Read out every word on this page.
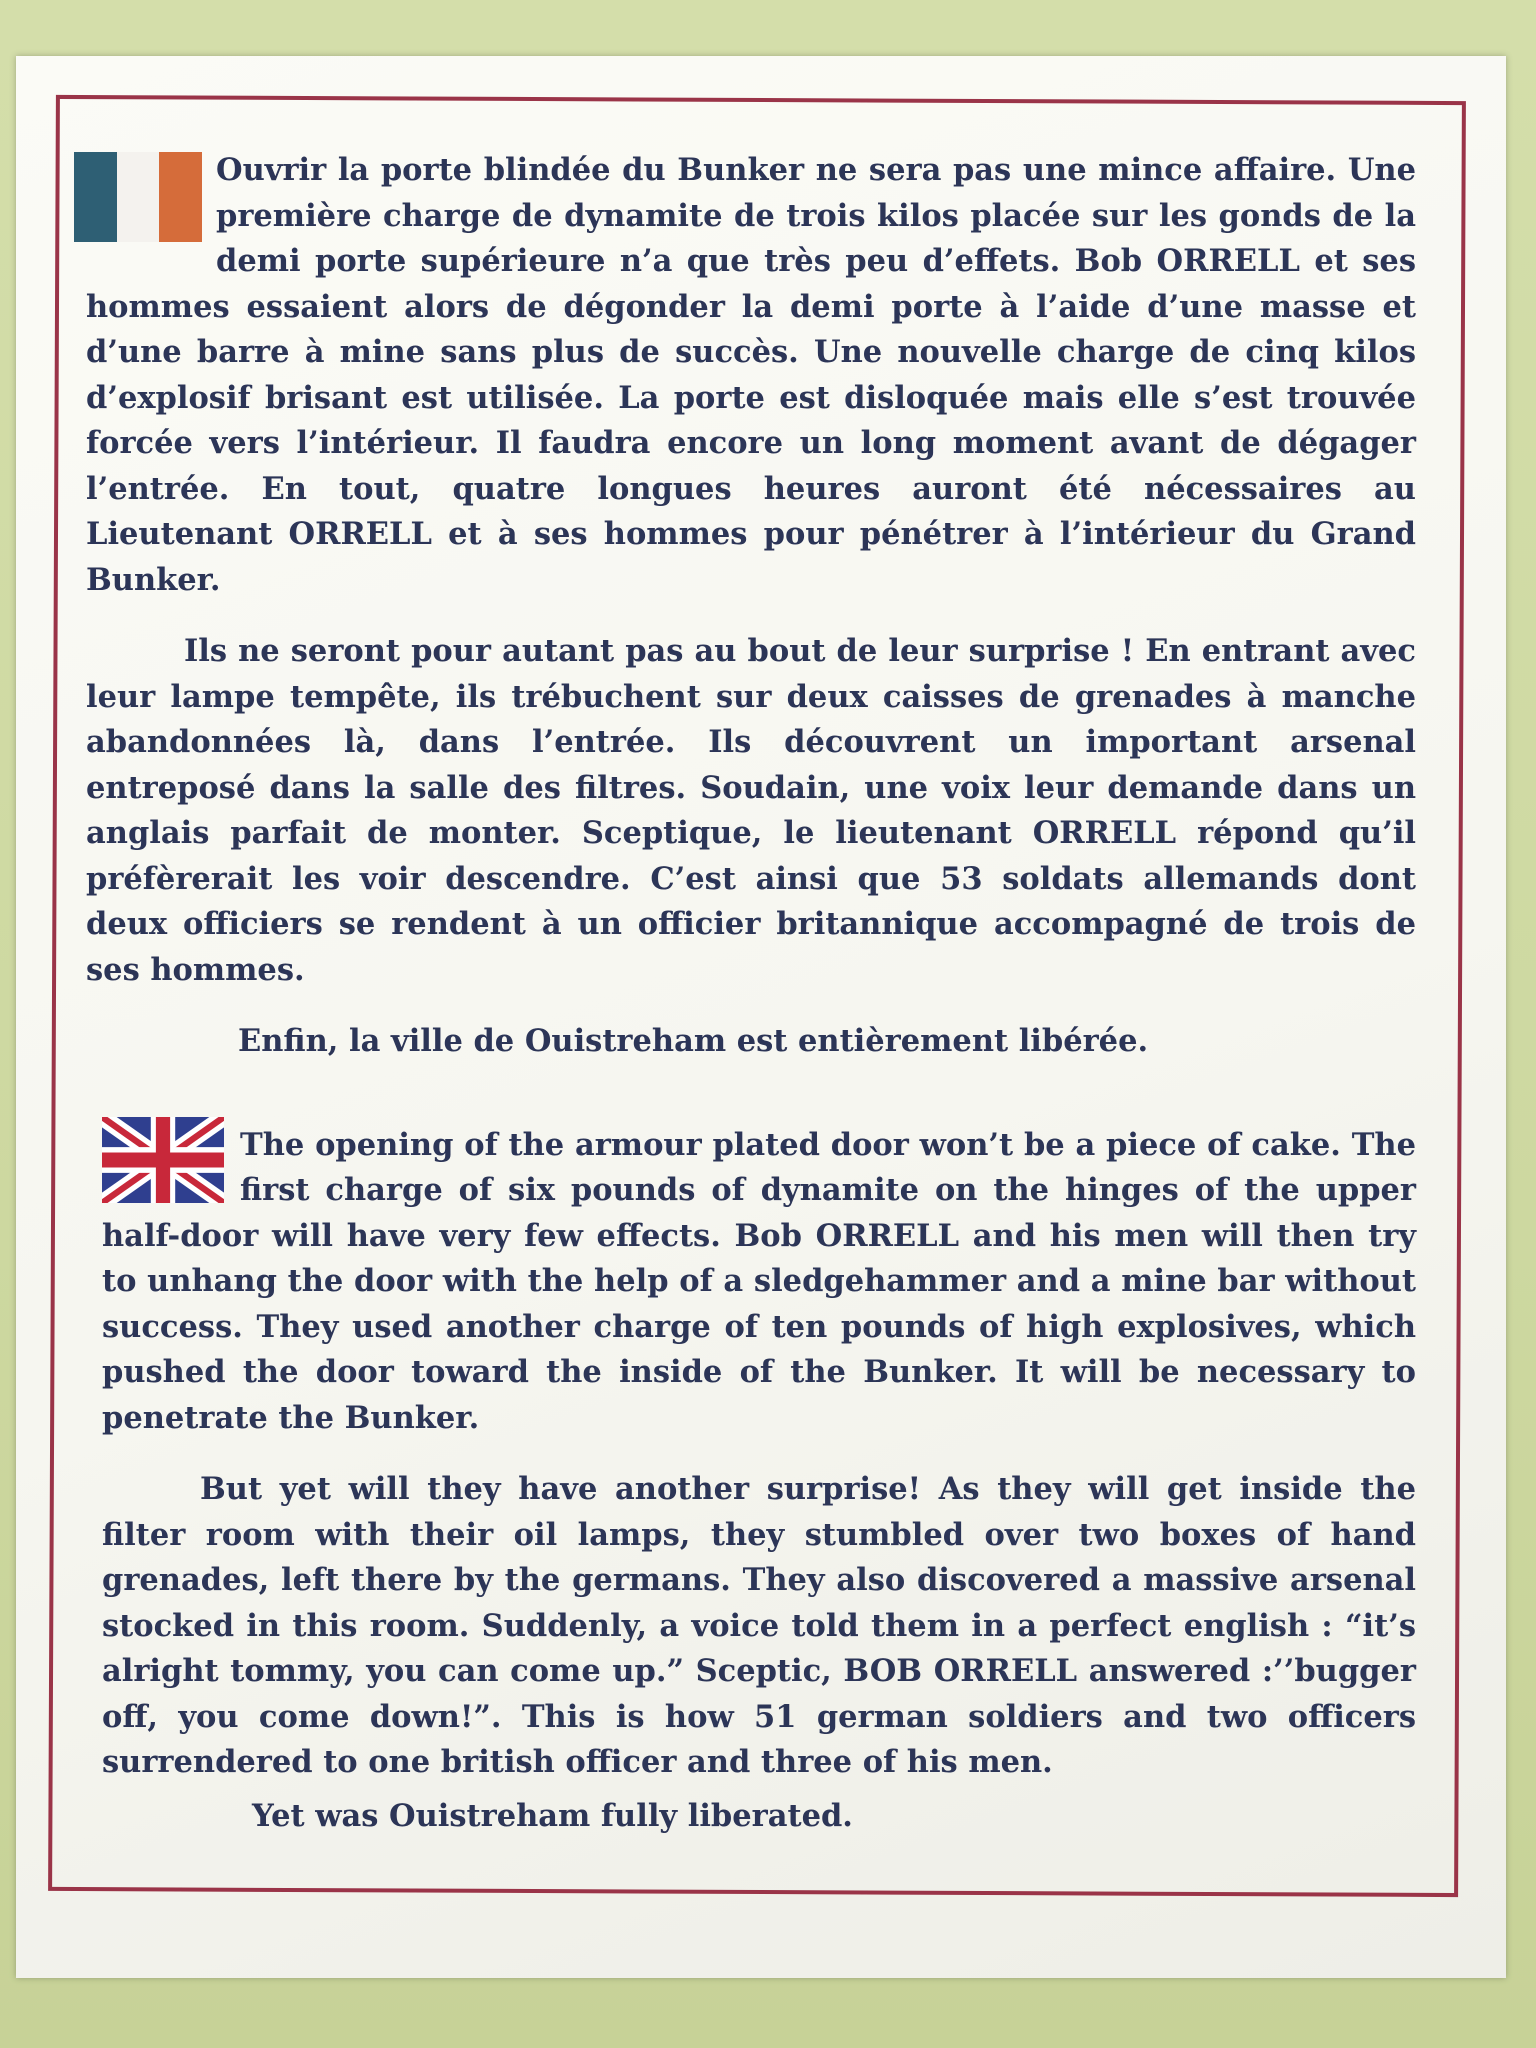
Ouvrir la porte blindée du Bunker ne sera pas une mince affaire. Une première charge de dynamite de trois kilos placée sur les gonds de la demi porte supérieure n’a que très peu d’effets. Bob ORRELL et ses hommes essaient alors de dégonder la demi porte à l’aide d’une masse et d’une barre à mine sans plus de succès. Une nouvelle charge de cinq kilos d’explosif brisant est utilisée. La porte est disloquée mais elle s’est trouvée forcée vers l’intérieur. Il faudra encore un long moment avant de dégager l’entrée. En tout, quatre longues heures auront été nécessaires au Lieutenant ORRELL et à ses hommes pour pénétrer à l’intérieur du Grand Bunker.

Ils ne seront pour autant pas au bout de leur surprise ! En entrant avec leur lampe tempête, ils trébuchent sur deux caisses de grenades à manche abandonnées là, dans l’entrée. Ils découvrent un important arsenal entreposé dans la salle des filtres. Soudain, une voix leur demande dans un anglais parfait de monter. Sceptique, le lieutenant ORRELL répond qu’il préfèrerait les voir descendre. C’est ainsi que 53 soldats allemands dont deux officiers se rendent à un officier britannique accompagné de trois de ses hommes.

Enfin, la ville de Ouistreham est entièrement libérée.

The opening of the armour plated door won’t be a piece of cake. The first charge of six pounds of dynamite on the hinges of the upper half-door will have very few effects. Bob ORRELL and his men will then try to unhang the door with the help of a sledgehammer and a mine bar without success. They used another charge of ten pounds of high explosives, which pushed the door toward the inside of the Bunker. It will be necessary to penetrate the Bunker.

But yet will they have another surprise! As they will get inside the filter room with their oil lamps, they stumbled over two boxes of hand grenades, left there by the germans. They also discovered a massive arsenal stocked in this room. Suddenly, a voice told them in a perfect english : “it’s alright tommy, you can come up.” Sceptic, BOB ORRELL answered :’’bugger off, you come down!”. This is how 51 german soldiers and two officers surrendered to one british officer and three of his men.

Yet was Ouistreham fully liberated.
